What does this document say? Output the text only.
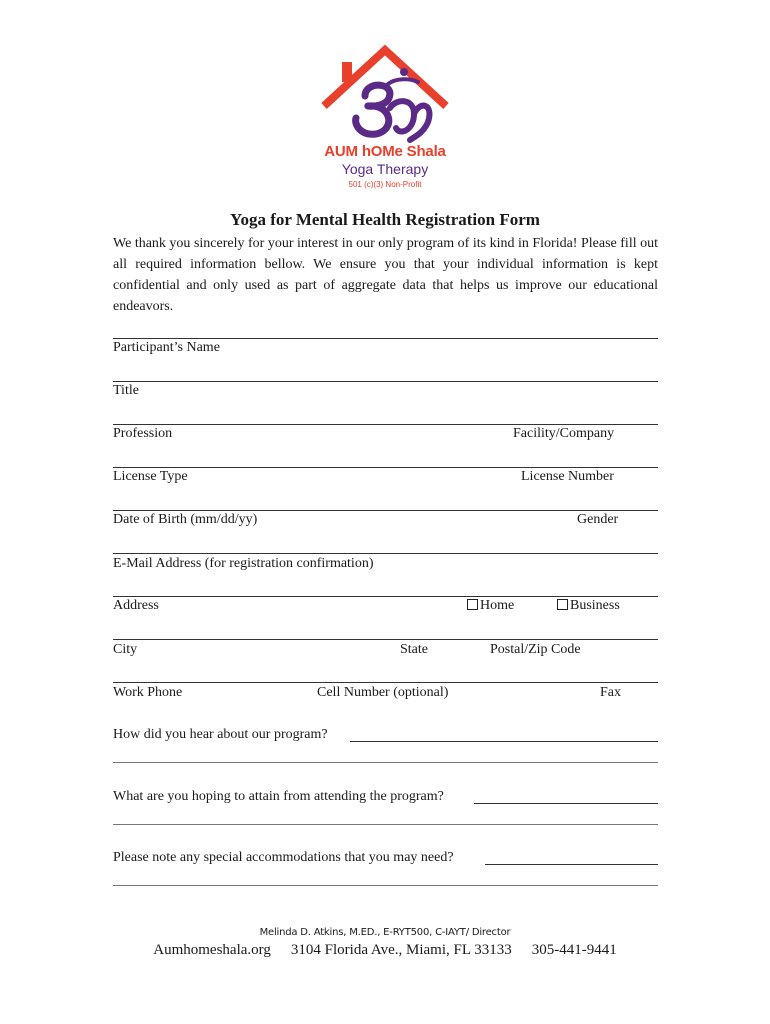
AUM hOMe Shala
Yoga Therapy
501 (c)(3) Non-Profit
Yoga for Mental Health Registration Form
We thank you sincerely for your interest in our only program of its kind in Florida! Please fill out all required information bellow. We ensure you that your individual information is kept confidential and only used as part of aggregate data that helps us improve our educational endeavors.
Participant’s Name
Title
Profession	Facility/Company
License Type	License Number
Date of Birth (mm/dd/yy)	Gender
E-Mail Address (for registration confirmation)
Address	Home	Business
City	State	Postal/Zip Code
Work Phone	Cell Number (optional)	Fax
How did you hear about our program?
What are you hoping to attain from attending the program?
Please note any special accommodations that you may need?
Melinda D. Atkins, M.ED., E-RYT500, C-IAYT/ Director
Aumhomeshala.org 3104 Florida Ave., Miami, FL 33133 305-441-9441
